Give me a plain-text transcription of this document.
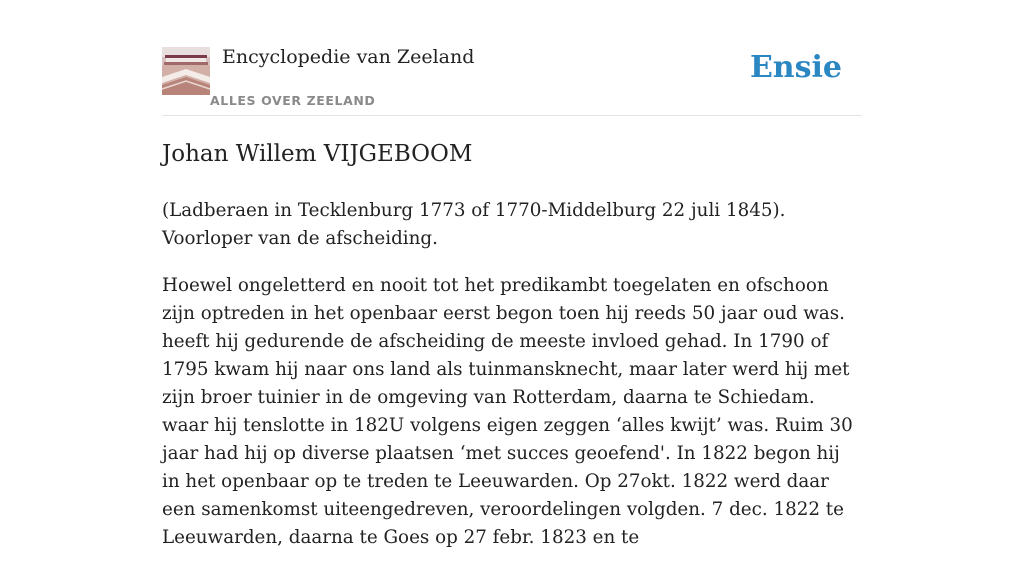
Encyclopedie van Zeeland
ALLES OVER ZEELAND
Ensie
Johan Willem VIJGEBOOM

(Ladberaen in Tecklenburg 1773 of 1770-Middelburg 22 juli 1845). Voorloper van de afscheiding.

Hoewel ongeletterd en nooit tot het predikambt toegelaten en ofschoon zijn optreden in het openbaar eerst begon toen hij reeds 50 jaar oud was. heeft hij gedurende de afscheiding de meeste invloed gehad. In 1790 of 1795 kwam hij naar ons land als tuinmansknecht, maar later werd hij met zijn broer tuinier in de omgeving van Rotterdam, daarna te Schiedam. waar hij tenslotte in 182U volgens eigen zeggen ‘alles kwijt’ was. Ruim 30 jaar had hij op diverse plaatsen ‘met succes geoefend'. In 1822 begon hij in het openbaar op te treden te Leeuwarden. Op 27okt. 1822 werd daar een samenkomst uiteengedreven, veroordelingen volgden. 7 dec. 1822 te Leeuwarden, daarna te Goes op 27 febr. 1823 en te
